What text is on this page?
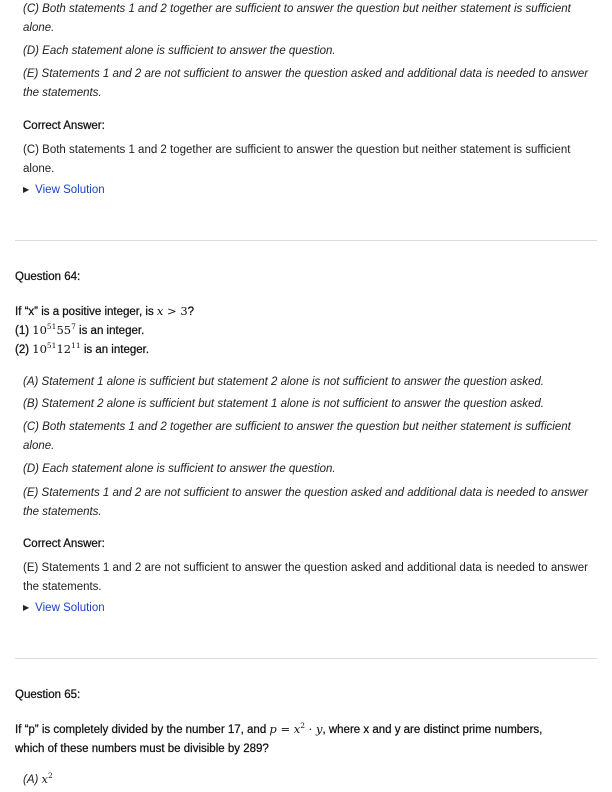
(C) Both statements 1 and 2 together are sufficient to answer the question but neither statement is sufficient alone.
(D) Each statement alone is sufficient to answer the question.
(E) Statements 1 and 2 are not sufficient to answer the question asked and additional data is needed to answer the statements.
Correct Answer:
(C) Both statements 1 and 2 together are sufficient to answer the question but neither statement is sufficient alone.
▶ View Solution
Question 64:
If “x” is a positive integer, is x > 3?
(1) $10^{51}55^7$ is an integer.
(2) $10^{51}12^{11}$ is an integer.
(A) Statement 1 alone is sufficient but statement 2 alone is not sufficient to answer the question asked.
(B) Statement 2 alone is sufficient but statement 1 alone is not sufficient to answer the question asked.
(C) Both statements 1 and 2 together are sufficient to answer the question but neither statement is sufficient alone.
(D) Each statement alone is sufficient to answer the question.
(E) Statements 1 and 2 are not sufficient to answer the question asked and additional data is needed to answer the statements.
Correct Answer:
(E) Statements 1 and 2 are not sufficient to answer the question asked and additional data is needed to answer the statements.
▶ View Solution
Question 65:
If “p” is completely divided by the number 17, and $p = x^2 \cdot y$, where x and y are distinct prime numbers,
which of these numbers must be divisible by 289?
(A) $x^2$
